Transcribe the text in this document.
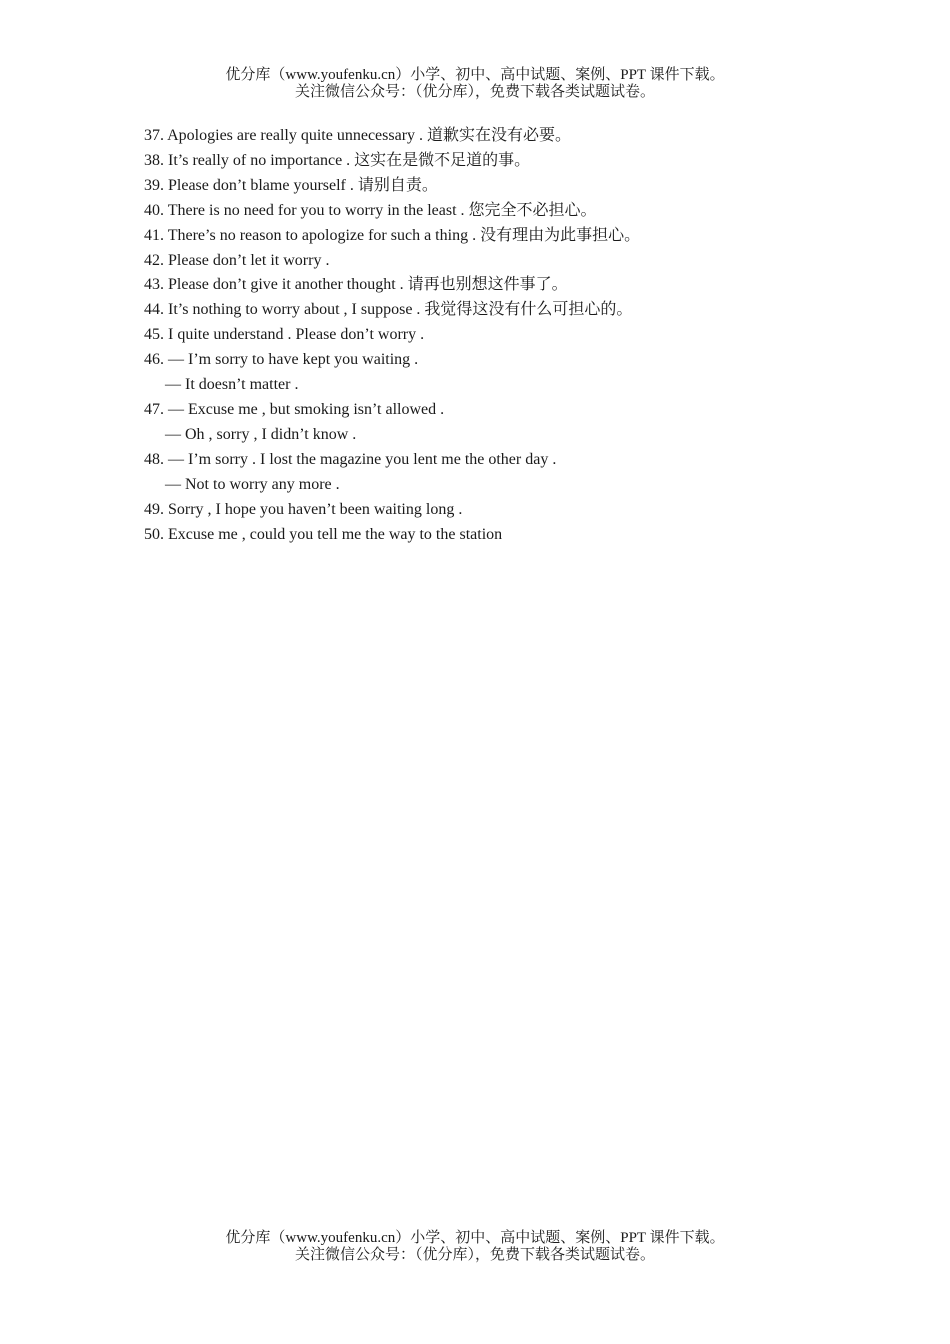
优分库（www.youfenku.cn）小学、初中、高中试题、案例、PPT 课件下载。
关注微信公众号：（优分库），免费下载各类试题试卷。
37. Apologies are really quite unnecessary . 道歉实在没有必要。
38. It’s really of no importance . 这实在是微不足道的事。
39. Please don’t blame yourself . 请别自责。
40. There is no need for you to worry in the least . 您完全不必担心。
41. There’s no reason to apologize for such a thing . 没有理由为此事担心。
42. Please don’t let it worry .
43. Please don’t give it another thought . 请再也别想这件事了。
44. It’s nothing to worry about , I suppose . 我觉得这没有什么可担心的。
45. I quite understand . Please don’t worry .
46. — I’m sorry to have kept you waiting .
— It doesn’t matter .
47. — Excuse me , but smoking isn’t allowed .
— Oh , sorry , I didn’t know .
48. — I’m sorry . I lost the magazine you lent me the other day .
— Not to worry any more .
49. Sorry , I hope you haven’t been waiting long .
50. Excuse me , could you tell me the way to the station
优分库（www.youfenku.cn）小学、初中、高中试题、案例、PPT 课件下载。
关注微信公众号：（优分库），免费下载各类试题试卷。
